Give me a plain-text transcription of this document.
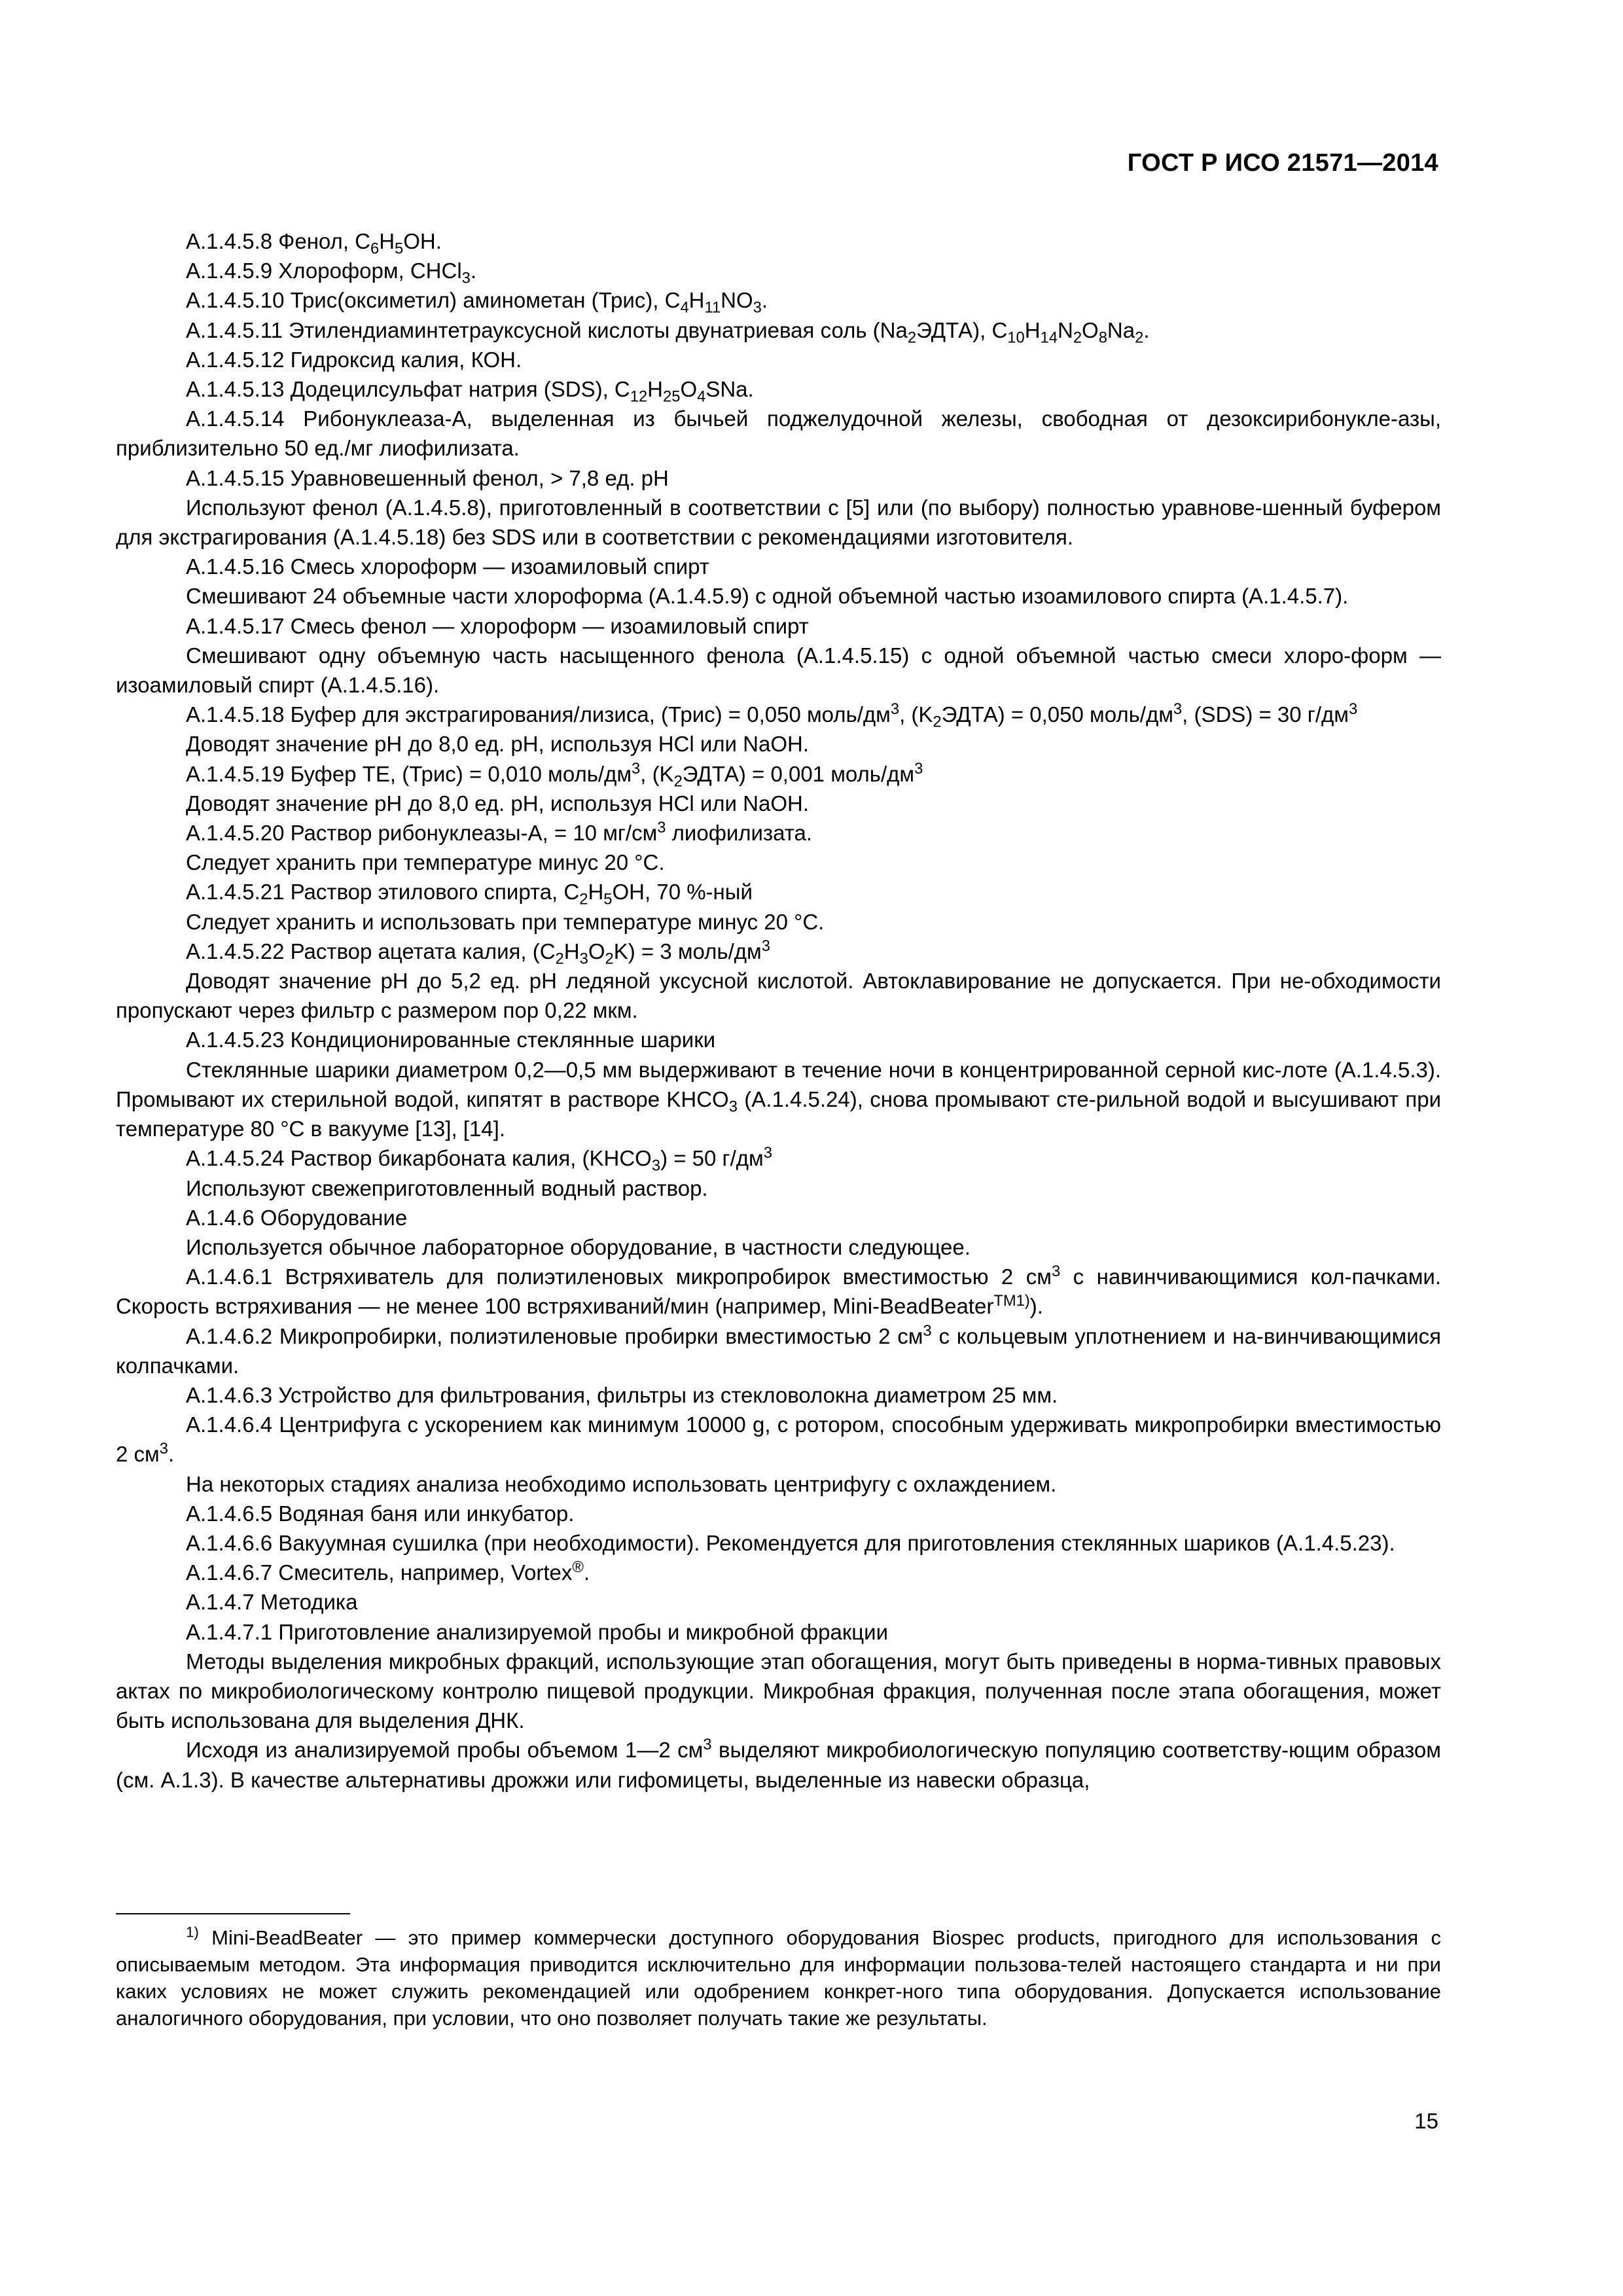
ГОСТ Р ИСО 21571—2014

А.1.4.5.8 Фенол, $С_6Н_5ОН$.

А.1.4.5.9 Хлороформ, СНСl$_3$.

А.1.4.5.10 Трис(оксиметил) аминометан (Трис), $C_4H_{11}NO_3$.

А.1.4.5.11 Этилендиаминтетрауксусной кислоты двунатриевая соль $(Na_2ЭДТА)$, $C_{10}H_{14}N_2O_8Na_2$.

А.1.4.5.12 Гидроксид калия, КОН.

А.1.4.5.13 Додецилсульфат натрия (SDS), $С_{12}Н_{25}О_4SNa$.

А.1.4.5.14 Рибонуклеаза-А, выделенная из бычьей поджелудочной железы, свободная от дезоксирибонукле-азы, приблизительно 50 ед./мг лиофилизата.

А.1.4.5.15 Уравновешенный фенол, > 7,8 ед. pH

Используют фенол (А.1.4.5.8), приготовленный в соответствии с [5] или (по выбору) полностью уравнове-шенный буфером для экстрагирования (А.1.4.5.18) без SDS или в соответствии с рекомендациями изготовителя.

А.1.4.5.16 Смесь хлороформ — изоамиловый спирт

Смешивают 24 объемные части хлороформа (А.1.4.5.9) с одной объемной частью изоамилового спирта (А.1.4.5.7).

А.1.4.5.17 Смесь фенол — хлороформ — изоамиловый спирт

Смешивают одну объемную часть насыщенного фенола (А.1.4.5.15) с одной объемной частью смеси хлоро-форм — изоамиловый спирт (А.1.4.5.16).

А.1.4.5.18 Буфер для экстрагирования/лизиса, (Трис) = 0,050 моль/$дм^3$, $(K_2ЭДТА) = 0,050$ моль/$дм^3$, (SDS) = 30 $г/дм^3$

Доводят значение pH до 8,0 ед. pH, используя HCl или NaOH.

А.1.4.5.19 Буфер ТЕ, (Трис) = 0,010 моль/$дм^3$, $(K_2ЭДТА) = 0,001$ моль/$дм^3$

Доводят значение pH до 8,0 ед. pH, используя HCl или NaOH.

А.1.4.5.20 Раствор рибонуклеазы-А, = 10 $мг/см^3$ лиофилизата.

Следует хранить при температуре минус 20 °С.

А.1.4.5.21 Раствор этилового спирта, $С_2Н_5ОН$, 70 %-ный

Следует хранить и использовать при температуре минус 20 °С.

А.1.4.5.22 Раствор ацетата калия, $(С_2Н_3О_2K) = 3$ моль/$дм^3$

Доводят значение pH до 5,2 ед. pH ледяной уксусной кислотой. Автоклавирование не допускается. При не-обходимости пропускают через фильтр с размером пор 0,22 мкм.

А.1.4.5.23 Кондиционированные стеклянные шарики

Стеклянные шарики диаметром 0,2—0,5 мм выдерживают в течение ночи в концентрированной серной кис-лоте (А.1.4.5.3). Промывают их стерильной водой, кипятят в растворе $KHCO_3$ (А.1.4.5.24), снова промывают сте-рильной водой и высушивают при температуре 80 °С в вакууме [13], [14].

А.1.4.5.24 Раствор бикарбоната калия, $(KHCO_3) = 50$ $г/дм^3$

Используют свежеприготовленный водный раствор.

А.1.4.6 Оборудование

Используется обычное лабораторное оборудование, в частности следующее.

А.1.4.6.1 Встряхиватель для полиэтиленовых микропробирок вместимостью 2 $см^3$ с навинчивающимися кол-пачками. Скорость встряхивания — не менее 100 встряхиваний/мин (например, Mini-BeadBeater$^{TM1)}$).

А.1.4.6.2 Микропробирки, полиэтиленовые пробирки вместимостью 2 $см^3$ с кольцевым уплотнением и на-винчивающимися колпачками.

А.1.4.6.3 Устройство для фильтрования, фильтры из стекловолокна диаметром 25 мм.

А.1.4.6.4 Центрифуга с ускорением как минимум 10000 g, с ротором, способным удерживать микропробирки вместимостью 2 $см^3$.

На некоторых стадиях анализа необходимо использовать центрифугу с охлаждением.

А.1.4.6.5 Водяная баня или инкубатор.

А.1.4.6.6 Вакуумная сушилка (при необходимости). Рекомендуется для приготовления стеклянных шариков (А.1.4.5.23).

А.1.4.6.7 Смеситель, например, Vortex®.

А.1.4.7 Методика

А.1.4.7.1 Приготовление анализируемой пробы и микробной фракции

Методы выделения микробных фракций, использующие этап обогащения, могут быть приведены в норма-тивных правовых актах по микробиологическому контролю пищевой продукции. Микробная фракция, полученная после этапа обогащения, может быть использована для выделения ДНК.

Исходя из анализируемой пробы объемом 1—2 $см^3$ выделяют микробиологическую популяцию соответству-ющим образом (см. А.1.3). В качестве альтернативы дрожжи или гифомицеты, выделенные из навески образца,

$^{1)}$ Mini-BeadBeater — это пример коммерчески доступного оборудования Biospec products, пригодного для использования с описываемым методом. Эта информация приводится исключительно для информации пользова-телей настоящего стандарта и ни при каких условиях не может служить рекомендацией или одобрением конкрет-ного типа оборудования. Допускается использование аналогичного оборудования, при условии, что оно позволяет получать такие же результаты.
15
